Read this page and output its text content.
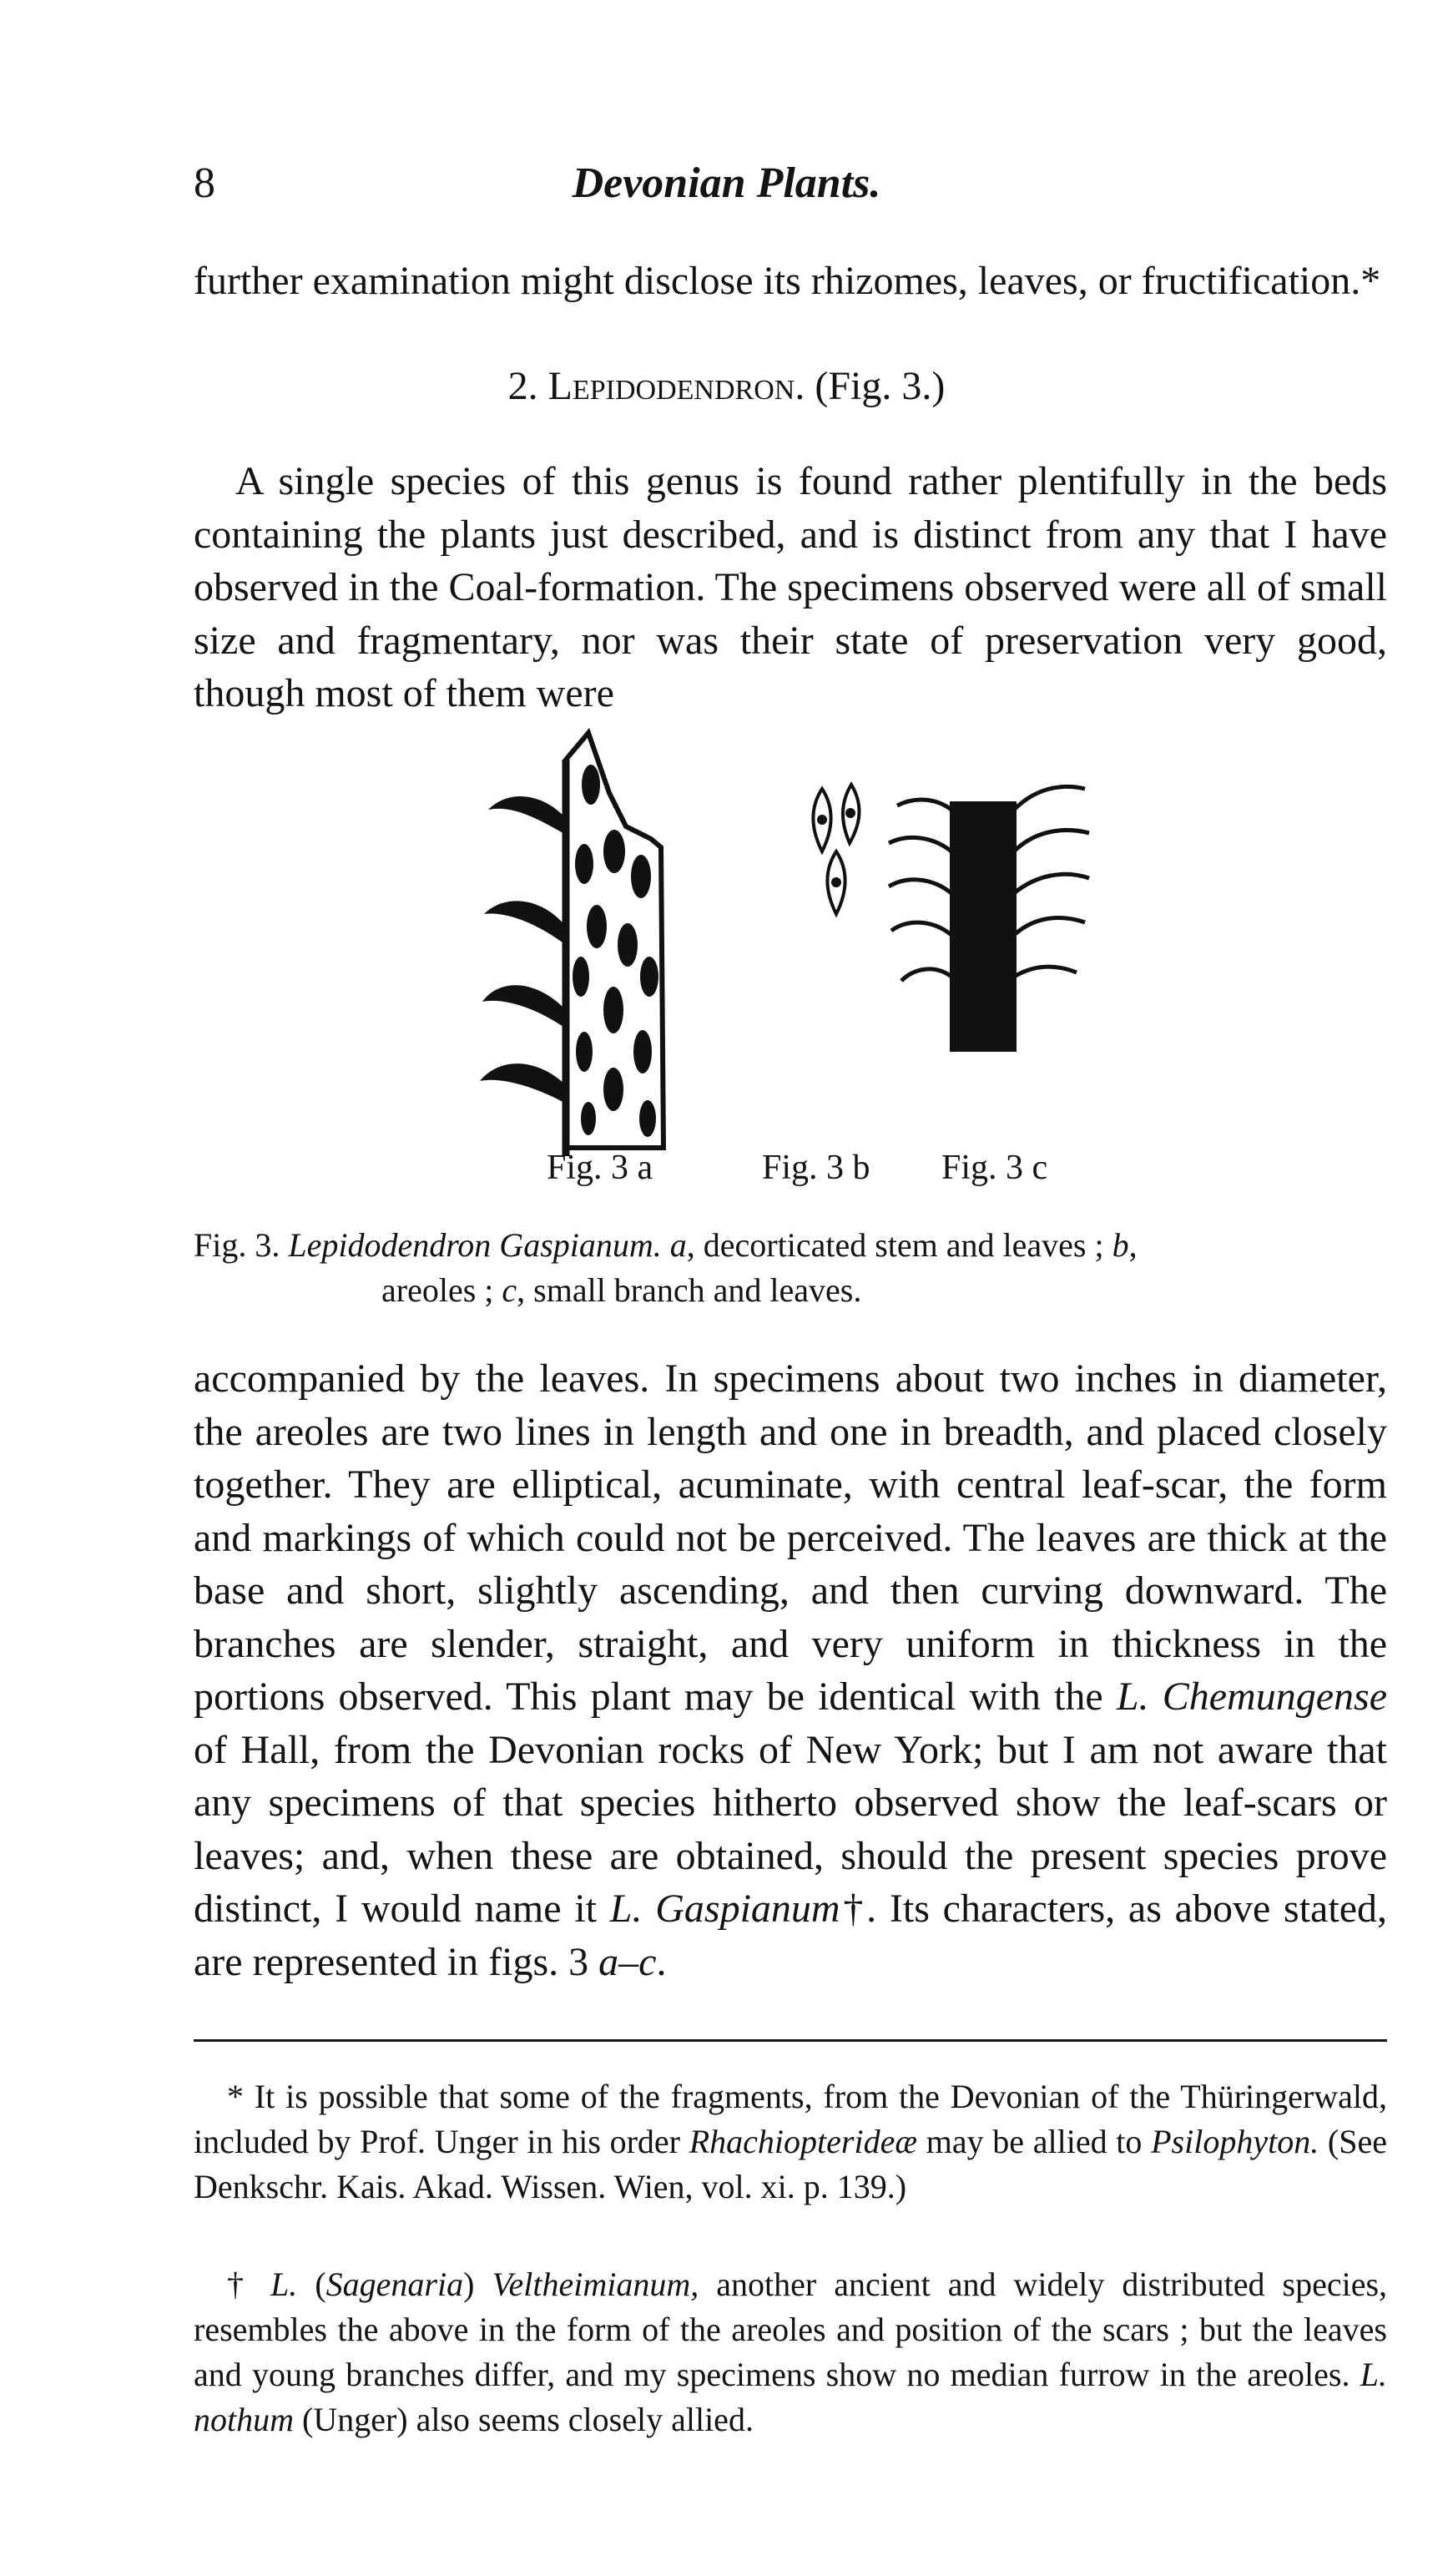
8	Devonian Plants.

further examination might disclose its rhizomes, leaves, or fructification.*

2. Lepidodendron. (Fig. 3.)

A single species of this genus is found rather plentifully in the beds containing the plants just described, and is distinct from any that I have observed in the Coal-formation. The specimens observed were all of small size and fragmentary, nor was their state of preservation very good, though most of them were

Fig. 3 a	Fig. 3 b Fig. 3 c
Fig. 3. Lepidodendron Gaspianum. a, decorticated stem and leaves ; b,
areoles ; c, small branch and leaves.

accompanied by the leaves. In specimens about two inches in diameter, the areoles are two lines in length and one in breadth, and placed closely together. They are elliptical, acuminate, with central leaf-scar, the form and markings of which could not be perceived. The leaves are thick at the base and short, slightly ascending, and then curving downward. The branches are slender, straight, and very uniform in thickness in the portions observed. This plant may be identical with the L. Chemungense of Hall, from the Devonian rocks of New York; but I am not aware that any specimens of that species hitherto observed show the leaf-scars or leaves; and, when these are obtained, should the present species prove distinct, I would name it L. Gaspianum†. Its characters, as above stated, are represented in figs. 3 a–c.

* It is possible that some of the fragments, from the Devonian of the Thüringerwald, included by Prof. Unger in his order Rhachiopterideæ may be allied to Psilophyton. (See Denkschr. Kais. Akad. Wissen. Wien, vol. xi. p. 139.)

† L. (Sagenaria) Veltheimianum, another ancient and widely distributed species, resembles the above in the form of the areoles and position of the scars ; but the leaves and young branches differ, and my specimens show no median furrow in the areoles. L. nothum (Unger) also seems closely allied.
